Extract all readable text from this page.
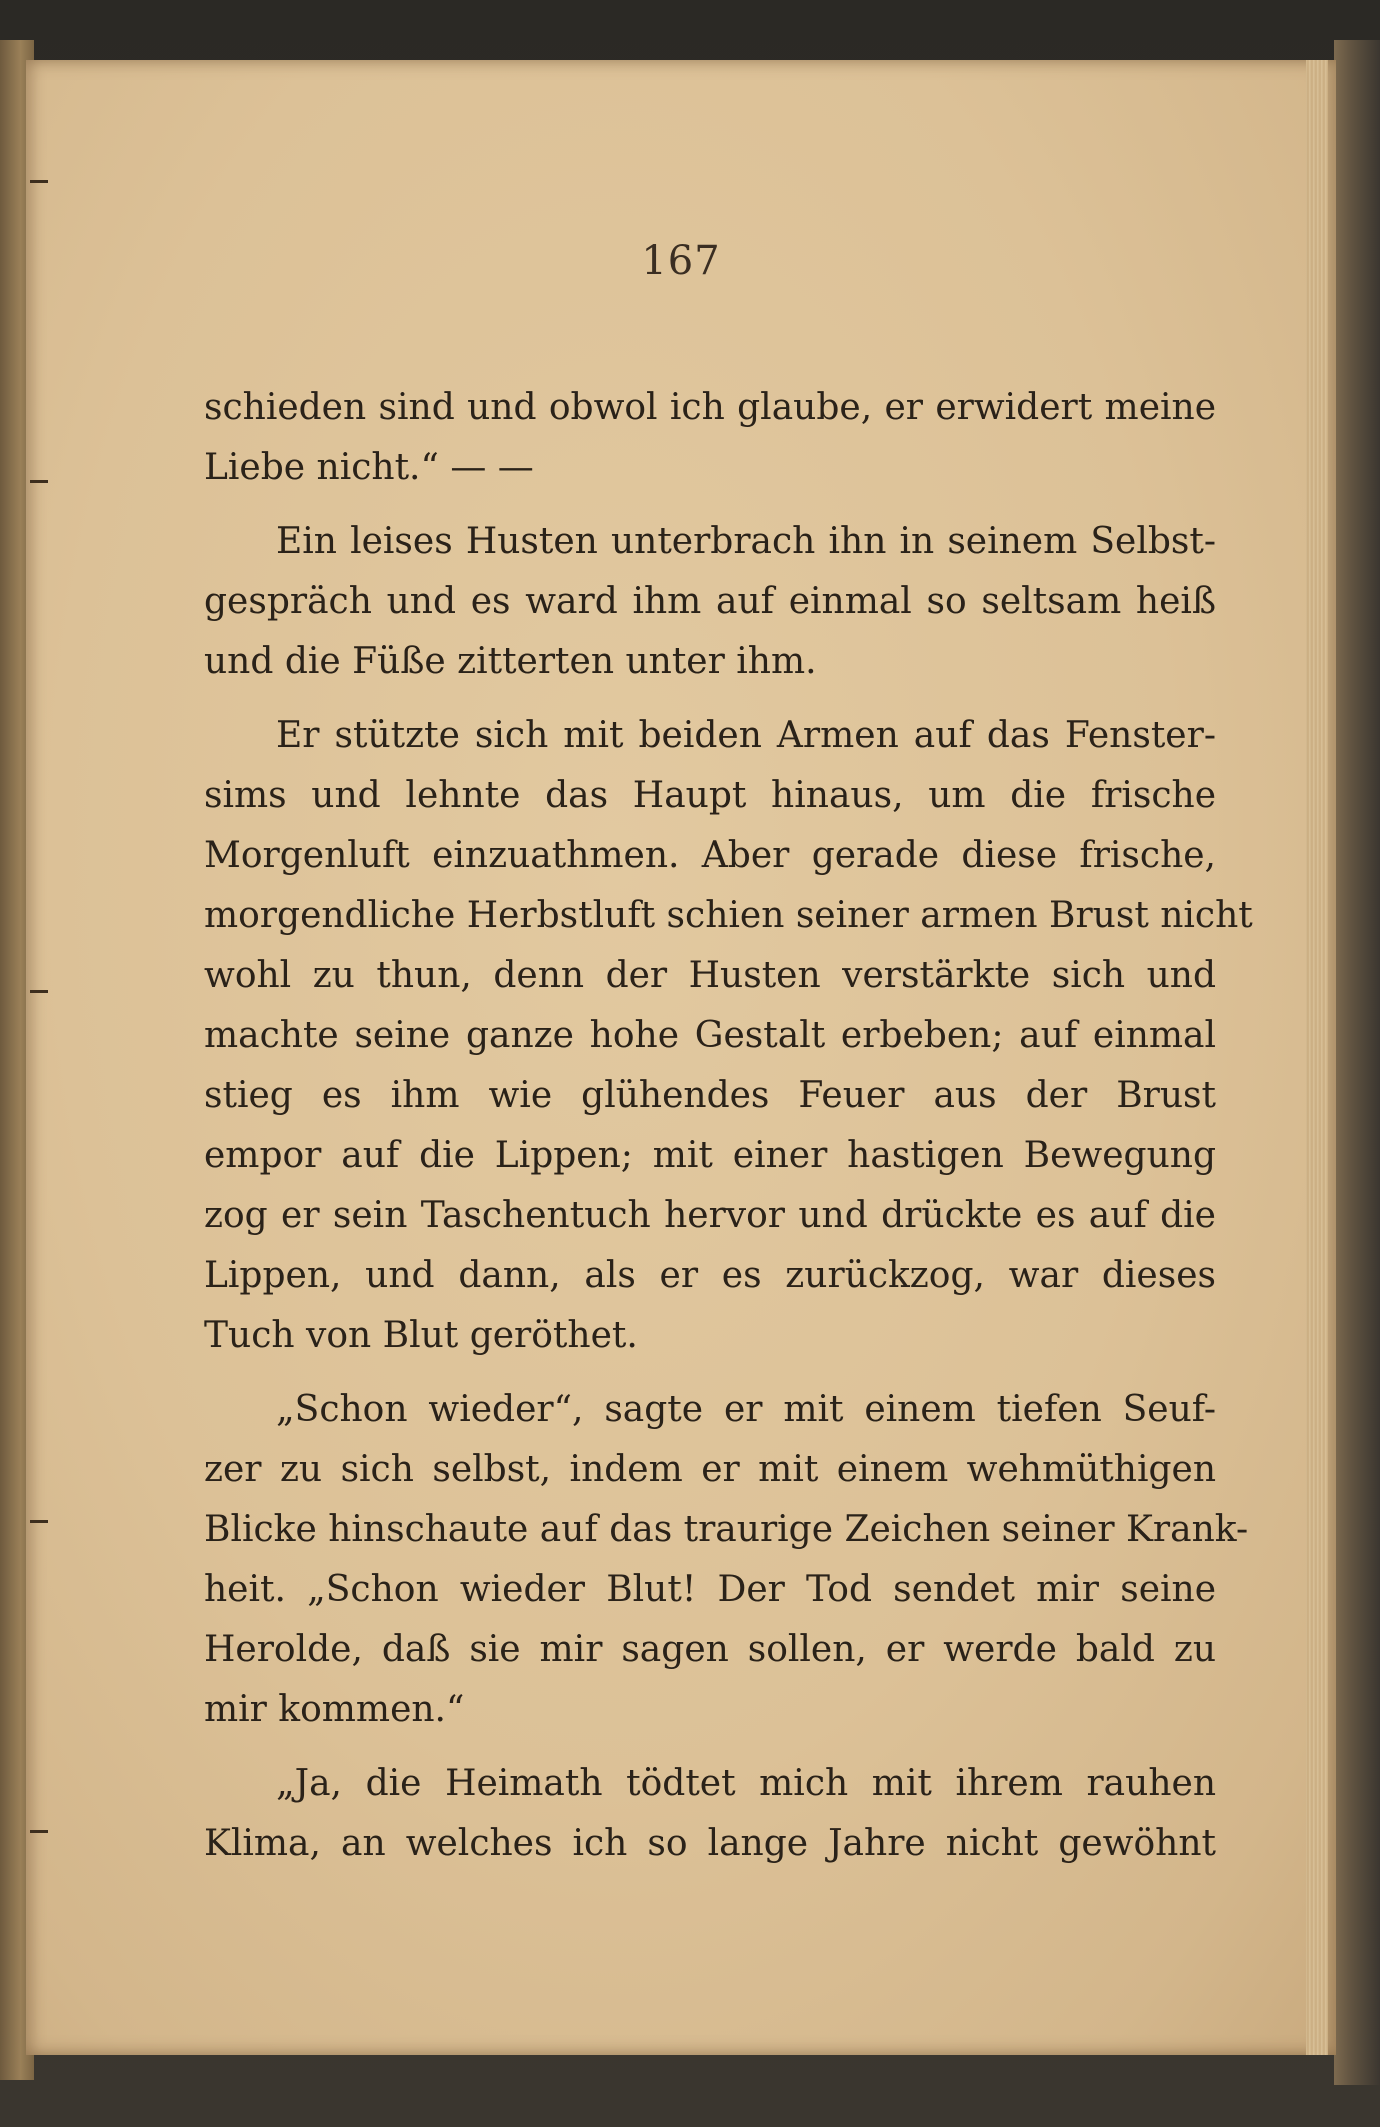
167
schieden sind und obwol ich glaube, er erwidert meine
Liebe nicht.“ — —
Ein leises Husten unterbrach ihn in seinem Selbst-
gespräch und es ward ihm auf einmal so seltsam heiß
und die Füße zitterten unter ihm.
Er stützte sich mit beiden Armen auf das Fenster-
sims und lehnte das Haupt hinaus, um die frische
Morgenluft einzuathmen. Aber gerade diese frische,
morgendliche Herbstluft schien seiner armen Brust nicht
wohl zu thun, denn der Husten verstärkte sich und
machte seine ganze hohe Gestalt erbeben; auf einmal
stieg es ihm wie glühendes Feuer aus der Brust
empor auf die Lippen; mit einer hastigen Bewegung
zog er sein Taschentuch hervor und drückte es auf die
Lippen, und dann, als er es zurückzog, war dieses
Tuch von Blut geröthet.
„Schon wieder“, sagte er mit einem tiefen Seuf-
zer zu sich selbst, indem er mit einem wehmüthigen
Blicke hinschaute auf das traurige Zeichen seiner Krank-
heit. „Schon wieder Blut! Der Tod sendet mir seine
Herolde, daß sie mir sagen sollen, er werde bald zu
mir kommen.“
„Ja, die Heimath tödtet mich mit ihrem rauhen
Klima, an welches ich so lange Jahre nicht gewöhnt
